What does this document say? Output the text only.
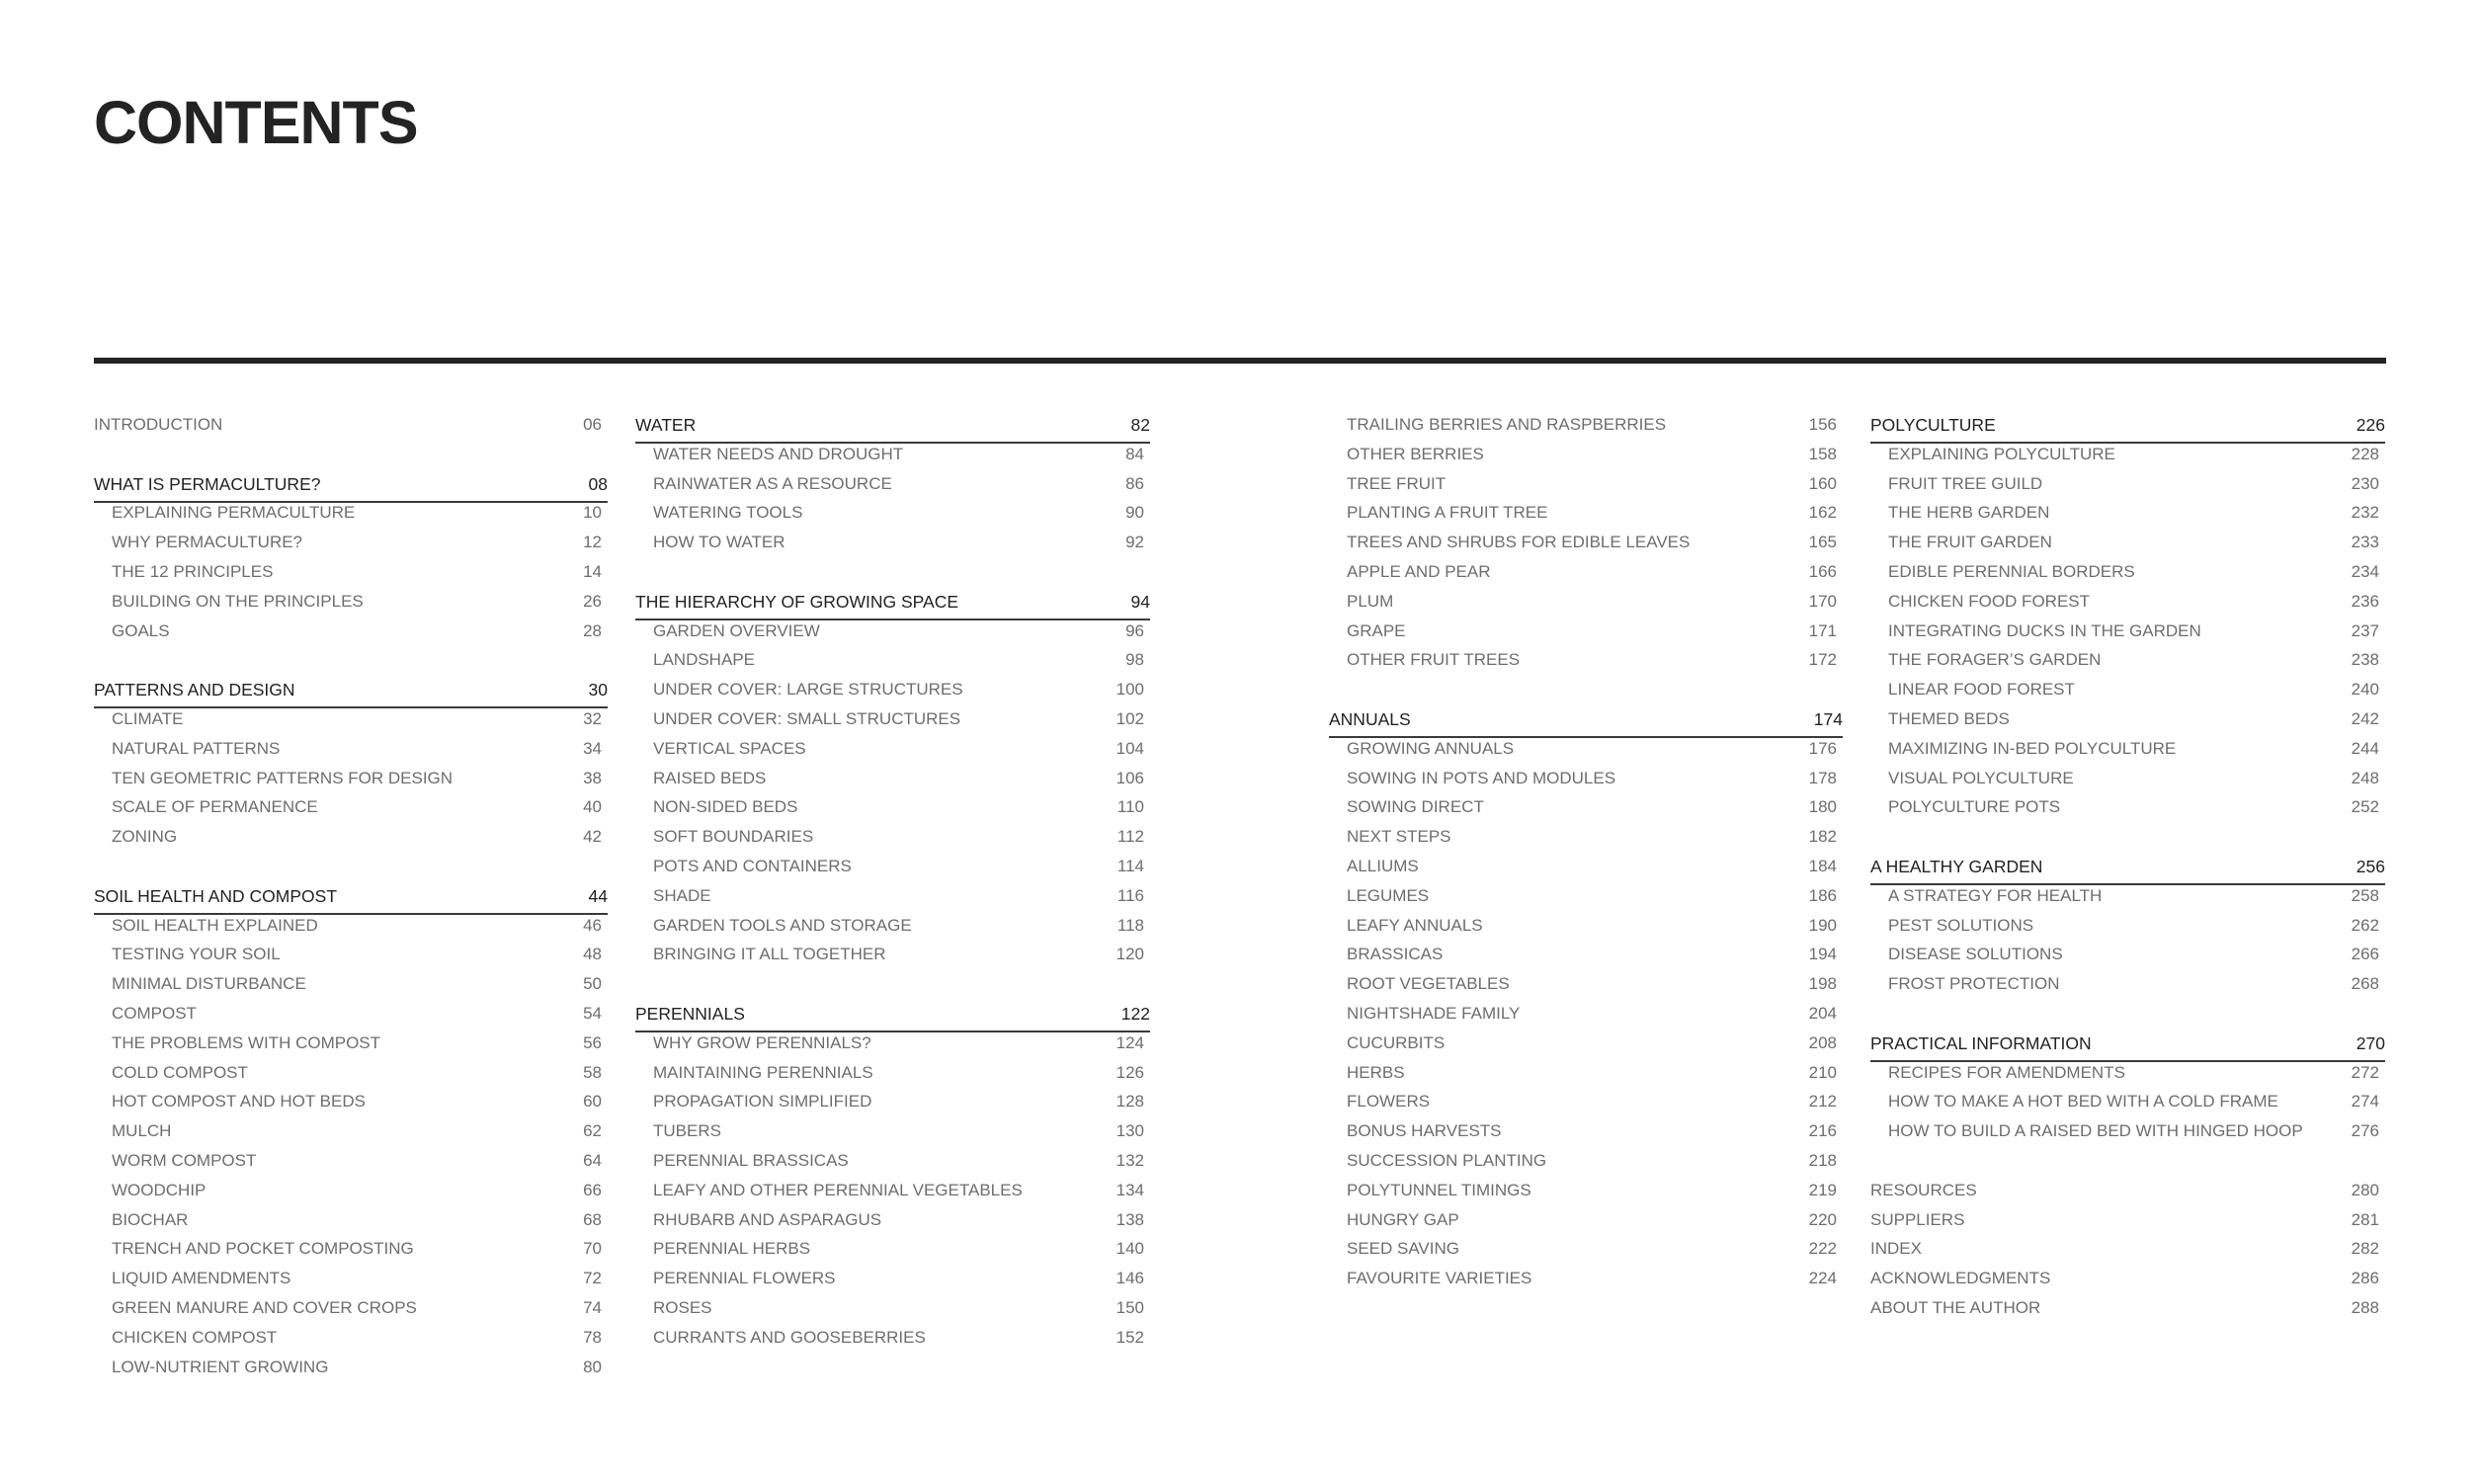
CONTENTS
INTRODUCTION	06
WHAT IS PERMACULTURE?	08
EXPLAINING PERMACULTURE	10
WHY PERMACULTURE?	12
THE 12 PRINCIPLES	14
BUILDING ON THE PRINCIPLES	26
GOALS	28
PATTERNS AND DESIGN	30
CLIMATE	32
NATURAL PATTERNS	34
TEN GEOMETRIC PATTERNS FOR DESIGN	38
SCALE OF PERMANENCE	40
ZONING	42
SOIL HEALTH AND COMPOST	44
SOIL HEALTH EXPLAINED	46
TESTING YOUR SOIL	48
MINIMAL DISTURBANCE	50
COMPOST	54
THE PROBLEMS WITH COMPOST	56
COLD COMPOST	58
HOT COMPOST AND HOT BEDS	60
MULCH	62
WORM COMPOST	64
WOODCHIP	66
BIOCHAR	68
TRENCH AND POCKET COMPOSTING	70
LIQUID AMENDMENTS	72
GREEN MANURE AND COVER CROPS	74
CHICKEN COMPOST	78
LOW-NUTRIENT GROWING	80
WATER	82
WATER NEEDS AND DROUGHT	84
RAINWATER AS A RESOURCE	86
WATERING TOOLS	90
HOW TO WATER	92
THE HIERARCHY OF GROWING SPACE	94
GARDEN OVERVIEW	96
LANDSHAPE	98
UNDER COVER: LARGE STRUCTURES	100
UNDER COVER: SMALL STRUCTURES	102
VERTICAL SPACES	104
RAISED BEDS	106
NON-SIDED BEDS	110
SOFT BOUNDARIES	112
POTS AND CONTAINERS	114
SHADE	116
GARDEN TOOLS AND STORAGE	118
BRINGING IT ALL TOGETHER	120
PERENNIALS	122
WHY GROW PERENNIALS?	124
MAINTAINING PERENNIALS	126
PROPAGATION SIMPLIFIED	128
TUBERS	130
PERENNIAL BRASSICAS	132
LEAFY AND OTHER PERENNIAL VEGETABLES	134
RHUBARB AND ASPARAGUS	138
PERENNIAL HERBS	140
PERENNIAL FLOWERS	146
ROSES	150
CURRANTS AND GOOSEBERRIES	152
TRAILING BERRIES AND RASPBERRIES	156
OTHER BERRIES	158
TREE FRUIT	160
PLANTING A FRUIT TREE	162
TREES AND SHRUBS FOR EDIBLE LEAVES	165
APPLE AND PEAR	166
PLUM	170
GRAPE	171
OTHER FRUIT TREES	172
ANNUALS	174
GROWING ANNUALS	176
SOWING IN POTS AND MODULES	178
SOWING DIRECT	180
NEXT STEPS	182
ALLIUMS	184
LEGUMES	186
LEAFY ANNUALS	190
BRASSICAS	194
ROOT VEGETABLES	198
NIGHTSHADE FAMILY	204
CUCURBITS	208
HERBS	210
FLOWERS	212
BONUS HARVESTS	216
SUCCESSION PLANTING	218
POLYTUNNEL TIMINGS	219
HUNGRY GAP	220
SEED SAVING	222
FAVOURITE VARIETIES	224
POLYCULTURE	226
EXPLAINING POLYCULTURE	228
FRUIT TREE GUILD	230
THE HERB GARDEN	232
THE FRUIT GARDEN	233
EDIBLE PERENNIAL BORDERS	234
CHICKEN FOOD FOREST	236
INTEGRATING DUCKS IN THE GARDEN	237
THE FORAGER’S GARDEN	238
LINEAR FOOD FOREST	240
THEMED BEDS	242
MAXIMIZING IN-BED POLYCULTURE	244
VISUAL POLYCULTURE	248
POLYCULTURE POTS	252
A HEALTHY GARDEN	256
A STRATEGY FOR HEALTH	258
PEST SOLUTIONS	262
DISEASE SOLUTIONS	266
FROST PROTECTION	268
PRACTICAL INFORMATION	270
RECIPES FOR AMENDMENTS	272
HOW TO MAKE A HOT BED WITH A COLD FRAME	274
HOW TO BUILD A RAISED BED WITH HINGED HOOP	276
RESOURCES	280
SUPPLIERS	281
INDEX	282
ACKNOWLEDGMENTS	286
ABOUT THE AUTHOR	288
